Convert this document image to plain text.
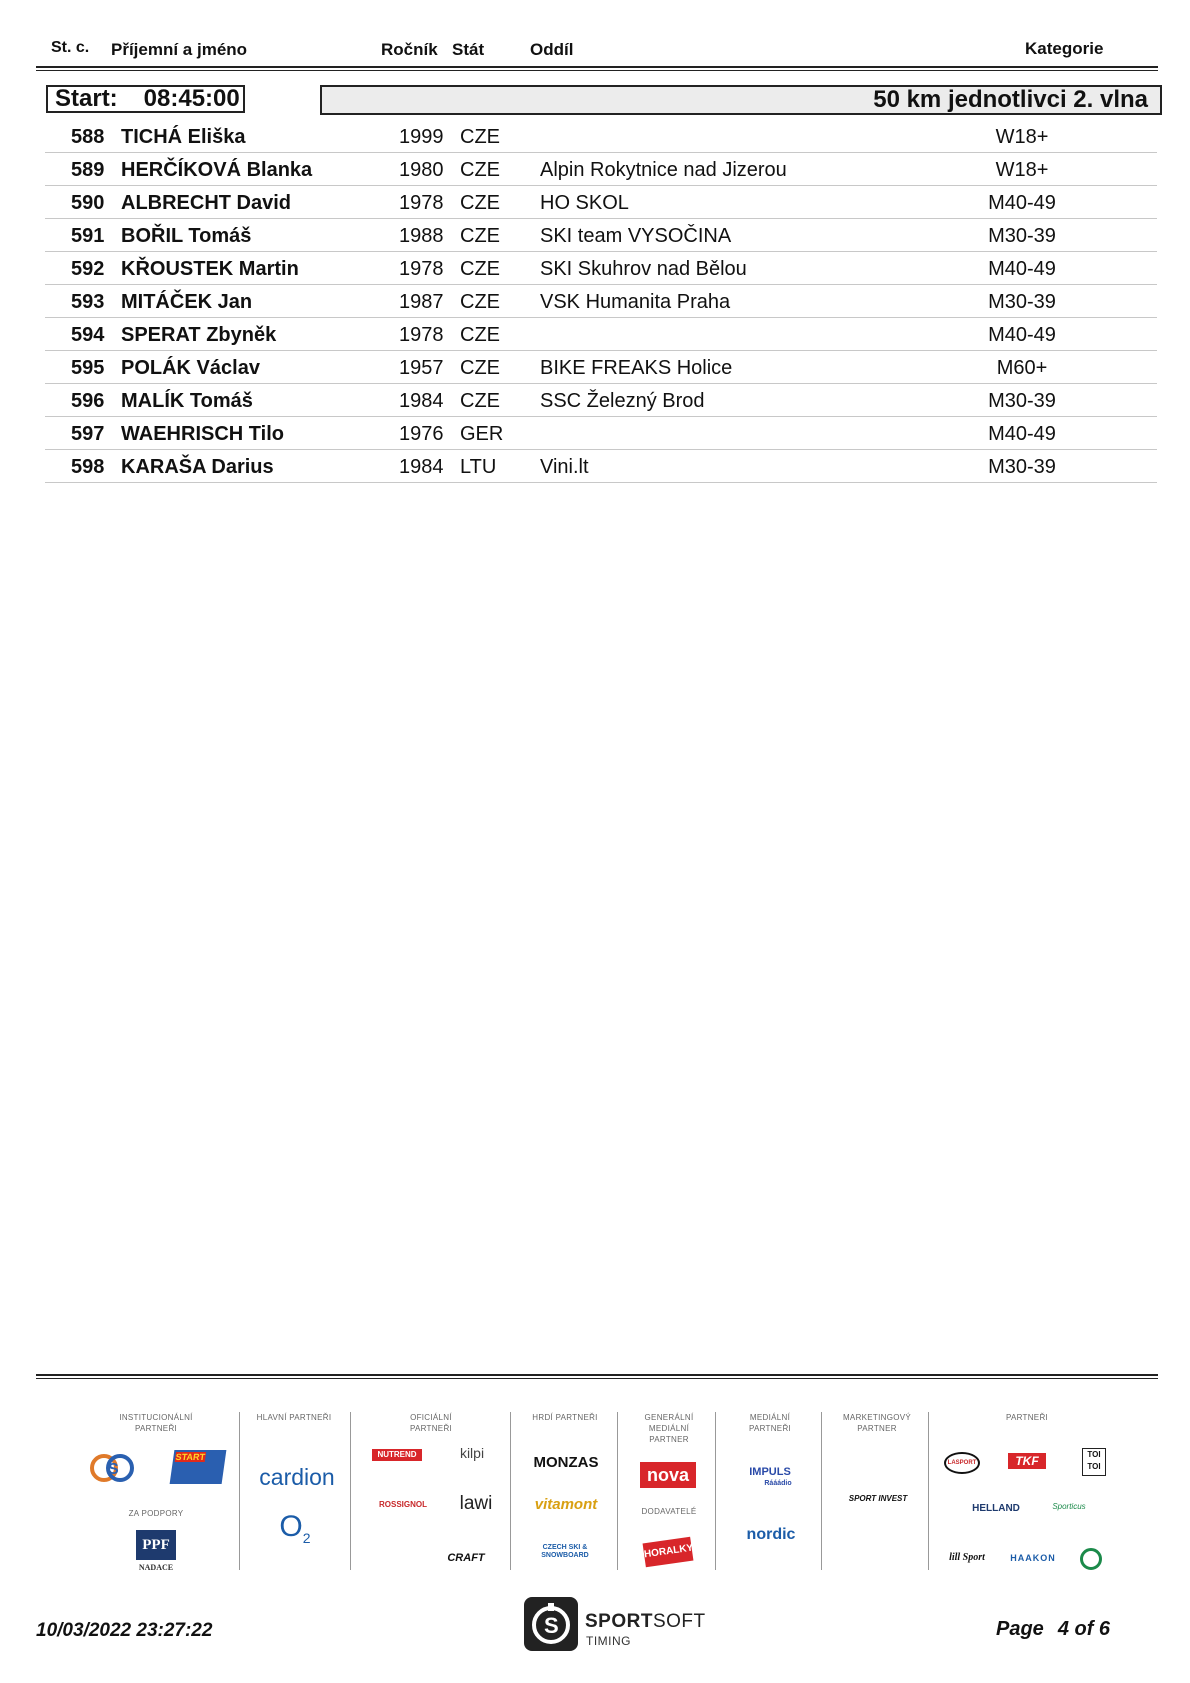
St. c. Příjemní a jméno	Ročník Stát	Oddíl	Kategorie
Start: 08:45:00	50 km jednotlivci 2. vlna
588 TICHÁ Eliška	1999 CZE	W18+
589 HERČÍKOVÁ Blanka	1980 CZE Alpin Rokytnice nad Jizerou	W18+
590 ALBRECHT David	1978 CZE HO SKOL	M40-49
591 BOŘIL Tomáš	1988 CZE SKI team VYSOČINA	M30-39
592 KŘOUSTEK Martin	1978 CZE SKI Skuhrov nad Bělou	M40-49
593 MITÁČEK Jan	1987 CZE VSK Humanita Praha	M30-39
594 SPERAT Zbyněk	1978 CZE	M40-49
595 POLÁK Václav	1957 CZE BIKE FREAKS Holice	M60+
596 MALÍK Tomáš	1984 CZE SSC Železný Brod	M30-39
597 WAEHRISCH Tilo	1976 GER	M40-49
598 KARAŠA Darius	1984 LTU Vini.lt	M30-39
INSTITUCIONÁLNÍ PARTNEŘI
ZA PODPORY
HLAVNÍ PARTNEŘI	OFICIÁLNÍ PARTNEŘI
HRDÍ PARTNEŘI	GENERÁLNÍ MEDIÁLNÍ PARTNER
DODAVATELÉ
MEDIÁLNÍ PARTNEŘI
MARKETINGOVÝ PARTNER
PARTNEŘI
S
START
PPF
NADACE
cardion
$O_2$
NUTREND	kilpi
ROSSIGNOL	lawi
CRAFT
MONZAS
vitamont
CZECH SKI & SNOWBOARD
nova
HORALKY
IMPULS
Rááádio
nordic
SPORT INVEST
LASPORT	TKF	TOI TOI
HELLAND	Sporticus
lill Sport	HAAKON
10/03/2022 23:27:22	S SPORTSOFT
TIMING
Page 4 of 6
